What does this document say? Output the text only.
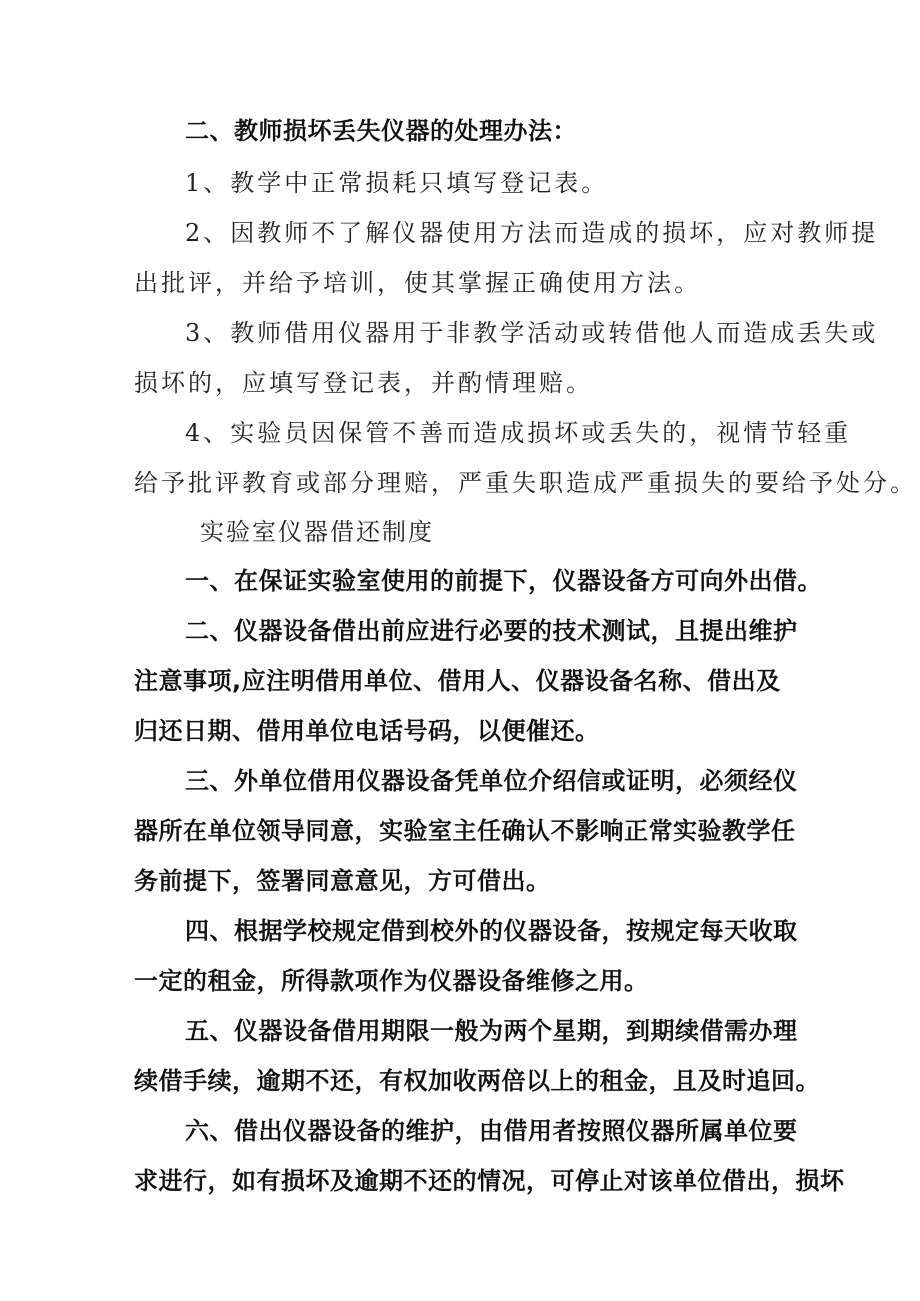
二、教师损坏丢失仪器的处理办法：
1、教学中正常损耗只填写登记表。
2、因教师不了解仪器使用方法而造成的损坏，应对教师提
出批评，并给予培训，使其掌握正确使用方法。
3、教师借用仪器用于非教学活动或转借他人而造成丢失或
损坏的，应填写登记表，并酌情理赔。
4、实验员因保管不善而造成损坏或丢失的，视情节轻重
给予批评教育或部分理赔，严重失职造成严重损失的要给予处分。
实验室仪器借还制度
一、在保证实验室使用的前提下，仪器设备方可向外出借。
二、仪器设备借出前应进行必要的技术测试，且提出维护
注意事项,应注明借用单位、借用人、仪器设备名称、借出及
归还日期、借用单位电话号码，以便催还。
三、外单位借用仪器设备凭单位介绍信或证明，必须经仪
器所在单位领导同意，实验室主任确认不影响正常实验教学任
务前提下，签署同意意见，方可借出。
四、根据学校规定借到校外的仪器设备，按规定每天收取
一定的租金，所得款项作为仪器设备维修之用。
五、仪器设备借用期限一般为两个星期，到期续借需办理
续借手续，逾期不还，有权加收两倍以上的租金，且及时追回。
六、借出仪器设备的维护，由借用者按照仪器所属单位要
求进行，如有损坏及逾期不还的情况，可停止对该单位借出，损坏
